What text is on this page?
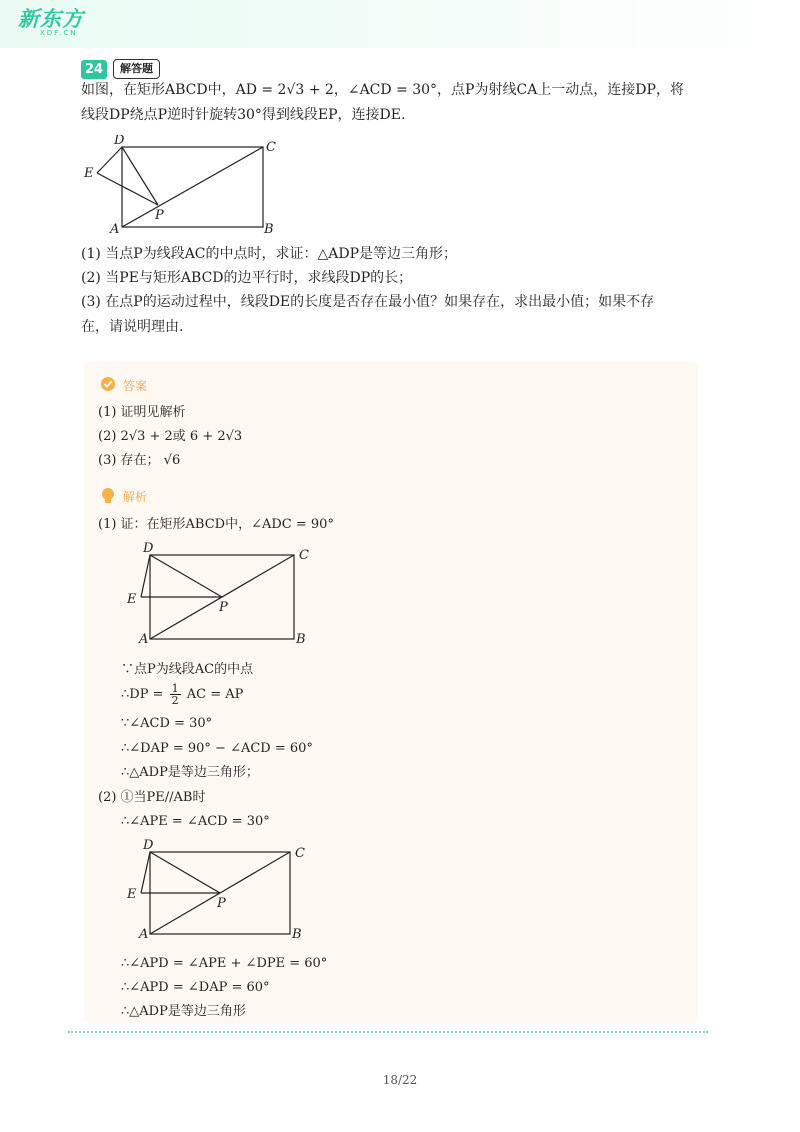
新东方
XDF.CN
24	解答题
如图，在矩形ABCD中，AD = 2√3 + 2，∠ACD = 30°，点P为射线CA上一动点，连接DP，将
线段DP绕点P逆时针旋转30°得到线段EP，连接DE.
D	C
E
A	B
P
(1) 当点P为线段AC的中点时，求证：△ADP是等边三角形；
(2) 当PE与矩形ABCD的边平行时，求线段DP的长；
(3) 在点P的运动过程中，线段DE的长度是否存在最小值？如果存在，求出最小值；如果不存
在，请说明理由.
答案
(1) 证明见解析
(2) 2√3 + 2或 6 + 2√3
(3) 存在； √6
解析
(1) 证：在矩形ABCD中，∠ADC = 90°
D	C
E
A	B
P
∵点P为线段AC的中点
∴DP = $\frac{1}{2}$ AC = AP
∵∠ACD = 30°
∴∠DAP = 90° − ∠ACD = 60°
∴△ADP是等边三角形；
(2) ①当PE//AB时
∴∠APE = ∠ACD = 30°
D
C
E
A	B
P
∴∠APD = ∠APE + ∠DPE = 60°
∴∠APD = ∠DAP = 60°
∴△ADP是等边三角形
18/22
